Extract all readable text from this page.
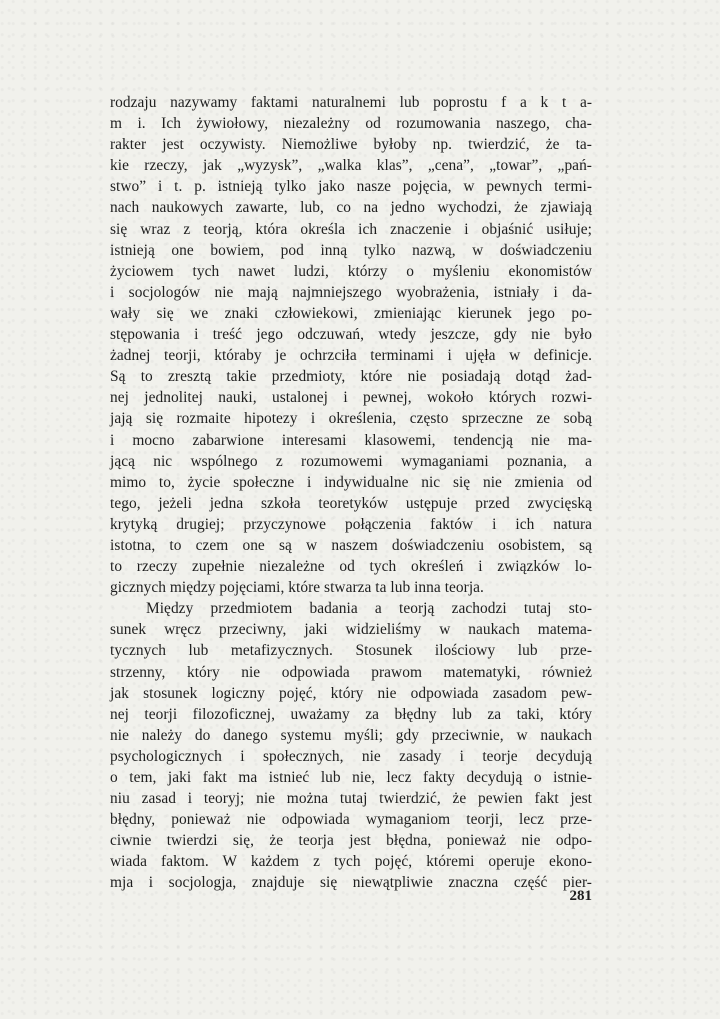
rodzaju nazywamy faktami naturalnemi lub poprostu f a k t a-
m i. Ich żywiołowy, niezależny od rozumowania naszego, cha-
rakter jest oczywisty. Niemożliwe byłoby np. twierdzić, że ta-
kie rzeczy, jak „wyzysk”, „walka klas”, „cena”, „towar”, „pań-
stwo” i t. p. istnieją tylko jako nasze pojęcia, w pewnych termi-
nach naukowych zawarte, lub, co na jedno wychodzi, że zjawiają
się wraz z teorją, która określa ich znaczenie i objaśnić usiłuje;
istnieją one bowiem, pod inną tylko nazwą, w doświadczeniu
życiowem tych nawet ludzi, którzy o myśleniu ekonomistów
i socjologów nie mają najmniejszego wyobrażenia, istniały i da-
wały się we znaki człowiekowi, zmieniając kierunek jego po-
stępowania i treść jego odczuwań, wtedy jeszcze, gdy nie było
żadnej teorji, któraby je ochrzciła terminami i ujęła w definicje.
Są to zresztą takie przedmioty, które nie posiadają dotąd żad-
nej jednolitej nauki, ustalonej i pewnej, wokoło których rozwi-
jają się rozmaite hipotezy i określenia, często sprzeczne ze sobą
i mocno zabarwione interesami klasowemi, tendencją nie ma-
jącą nic wspólnego z rozumowemi wymaganiami poznania, a
mimo to, życie społeczne i indywidualne nic się nie zmienia od
tego, jeżeli jedna szkoła teoretyków ustępuje przed zwycięską
krytyką drugiej; przyczynowe połączenia faktów i ich natura
istotna, to czem one są w naszem doświadczeniu osobistem, są
to rzeczy zupełnie niezależne od tych określeń i związków lo-
gicznych między pojęciami, które stwarza ta lub inna teorja.
Między przedmiotem badania a teorją zachodzi tutaj sto-
sunek wręcz przeciwny, jaki widzieliśmy w naukach matema-
tycznych lub metafizycznych. Stosunek ilościowy lub prze-
strzenny, który nie odpowiada prawom matematyki, również
jak stosunek logiczny pojęć, który nie odpowiada zasadom pew-
nej teorji filozoficznej, uważamy za błędny lub za taki, który
nie należy do danego systemu myśli; gdy przeciwnie, w naukach
psychologicznych i społecznych, nie zasady i teorje decydują
o tem, jaki fakt ma istnieć lub nie, lecz fakty decydują o istnie-
niu zasad i teoryj; nie można tutaj twierdzić, że pewien fakt jest
błędny, ponieważ nie odpowiada wymaganiom teorji, lecz prze-
ciwnie twierdzi się, że teorja jest błędna, ponieważ nie odpo-
wiada faktom. W każdem z tych pojęć, któremi operuje ekono-
mja i socjologja, znajduje się niewątpliwie znaczna część pier-
281
